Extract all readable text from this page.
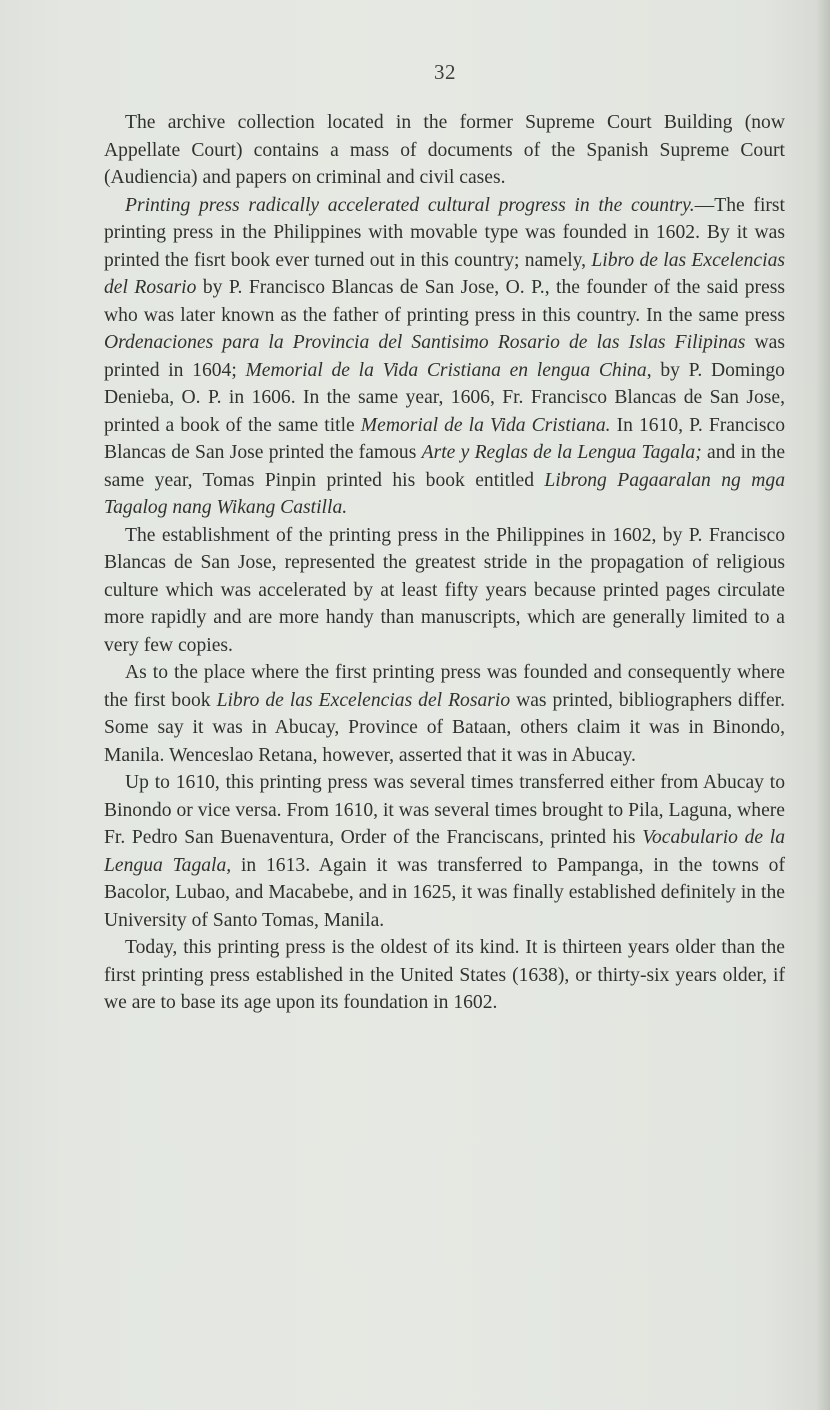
32

The archive collection located in the former Supreme Court Building (now Appellate Court) contains a mass of documents of the Spanish Supreme Court (Audiencia) and papers on criminal and civil cases.

Printing press radically accelerated cultural progress in the country.—The first printing press in the Philippines with movable type was founded in 1602. By it was printed the fisrt book ever turned out in this country; namely, Libro de las Excelencias del Rosario by P. Francisco Blancas de San Jose, O. P., the founder of the said press who was later known as the father of printing press in this country. In the same press Ordenaciones para la Provincia del Santisimo Rosario de las Islas Filipinas was printed in 1604; Memorial de la Vida Cristiana en lengua China, by P. Domingo Denieba, O. P. in 1606. In the same year, 1606, Fr. Francisco Blancas de San Jose, printed a book of the same title Memorial de la Vida Cristiana. In 1610, P. Francisco Blancas de San Jose printed the famous Arte y Reglas de la Lengua Tagala; and in the same year, Tomas Pinpin printed his book entitled Librong Pagaaralan ng mga Tagalog nang Wikang Castilla.

The establishment of the printing press in the Philippines in 1602, by P. Francisco Blancas de San Jose, represented the greatest stride in the propagation of religious culture which was accelerated by at least fifty years because printed pages circulate more rapidly and are more handy than manuscripts, which are generally limited to a very few copies.

As to the place where the first printing press was founded and consequently where the first book Libro de las Excelencias del Rosario was printed, bibliographers differ. Some say it was in Abucay, Province of Bataan, others claim it was in Binondo, Manila. Wenceslao Retana, however, asserted that it was in Abucay.

Up to 1610, this printing press was several times transferred either from Abucay to Binondo or vice versa. From 1610, it was several times brought to Pila, Laguna, where Fr. Pedro San Buenaventura, Order of the Franciscans, printed his Vocabulario de la Lengua Tagala, in 1613. Again it was transferred to Pampanga, in the towns of Bacolor, Lubao, and Macabebe, and in 1625, it was finally established definitely in the University of Santo Tomas, Manila.

Today, this printing press is the oldest of its kind. It is thirteen years older than the first printing press established in the United States (1638), or thirty-six years older, if we are to base its age upon its foundation in 1602.
